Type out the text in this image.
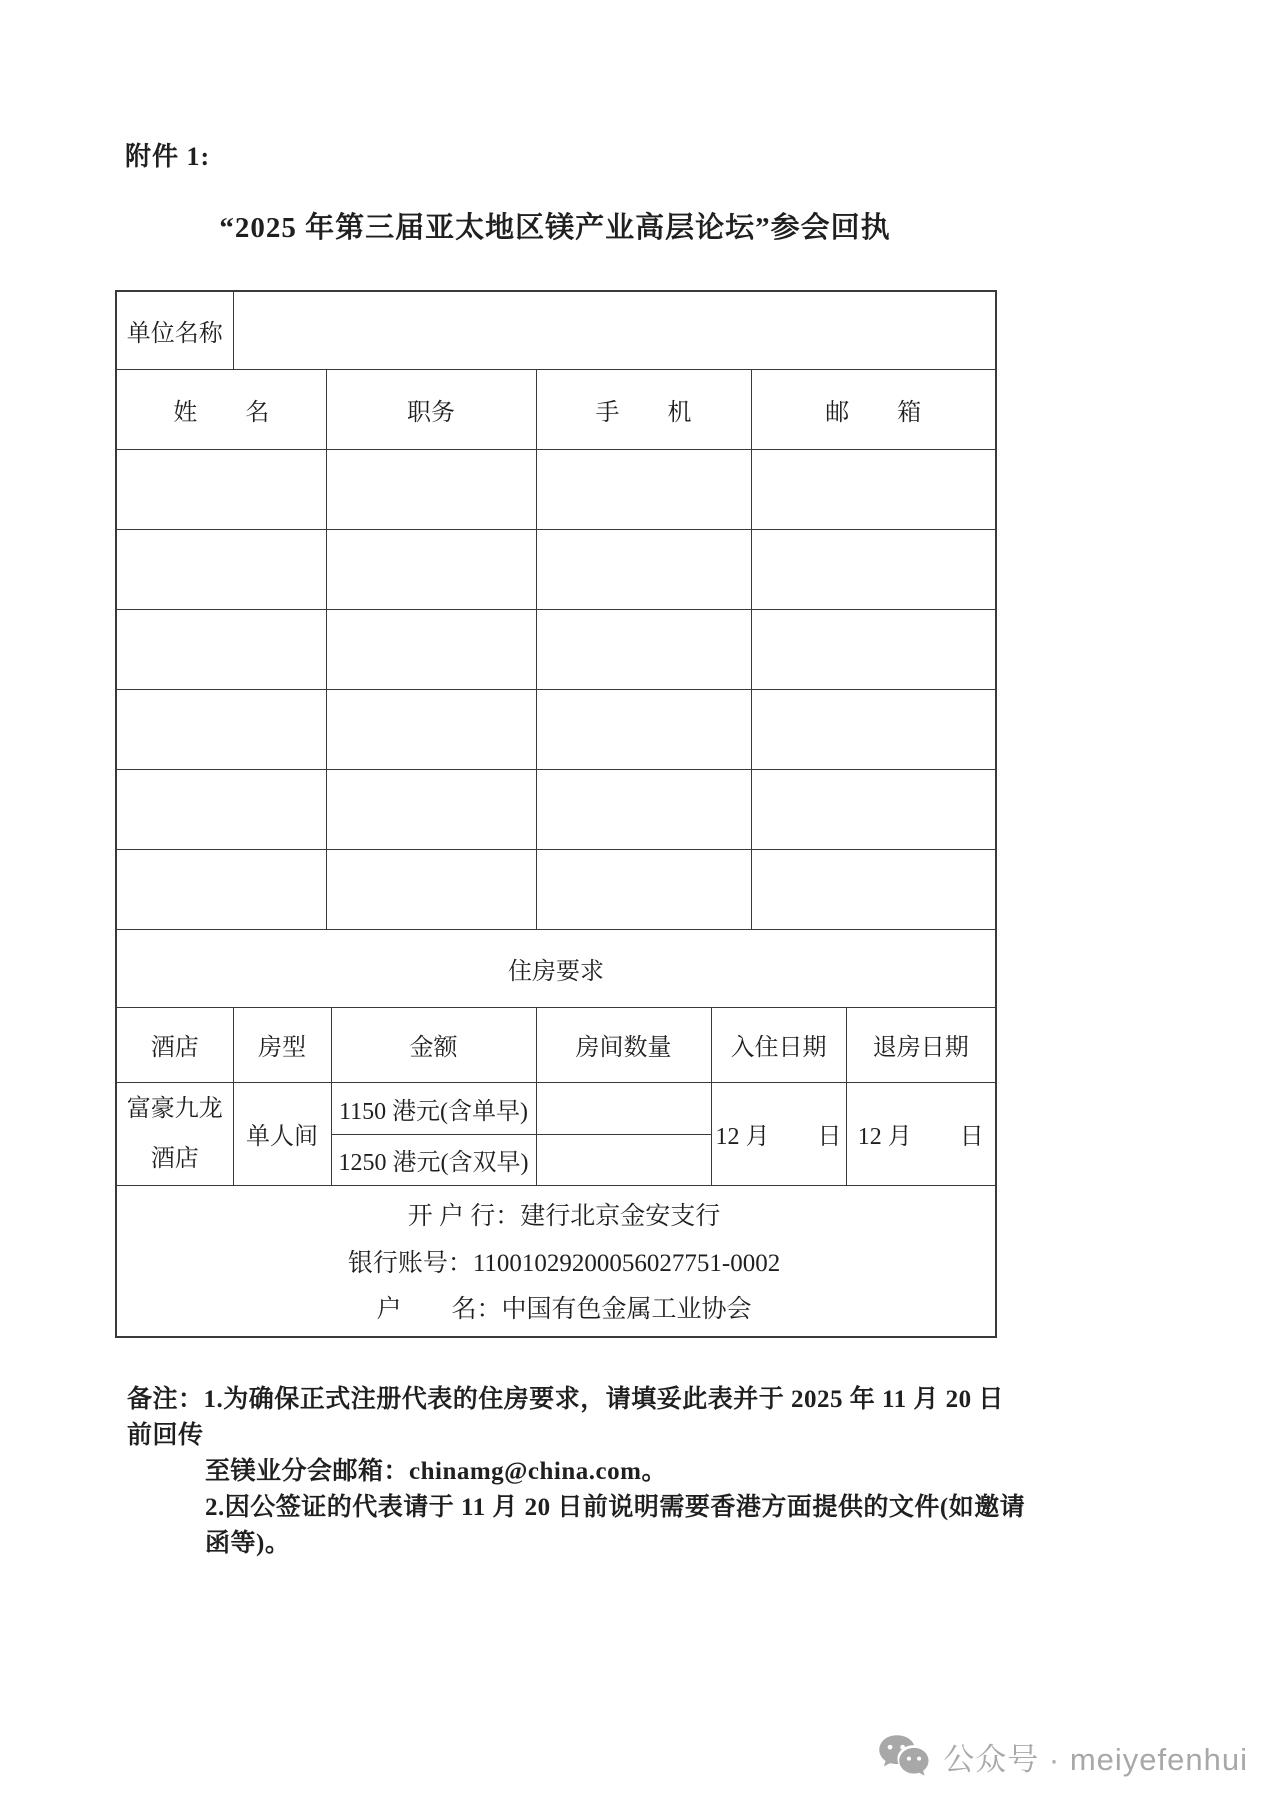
附件 1:
“2025 年第三届亚太地区镁产业高层论坛”参会回执
单位名称							
姓　　名		职务		手　　机		邮　　箱	

住房要求							
酒店	房型		金额	房间数量	入住日期		退房日期

富豪九龙
酒店	单人间		1150 港元(含单早)		12 月　　日		12 月　　日
			1250 港元(含双早)				

开 户 行：建行北京金安支行
银行账号：11001029200056027751-0002
户　　名：中国有色金属工业协会							
备注：1.为确保正式注册代表的住房要求，请填妥此表并于 2025 年 11 月 20 日前回传
至镁业分会邮箱：chinamg@china.com。
2.因公签证的代表请于 11 月 20 日前说明需要香港方面提供的文件(如邀请函等)。
公众号 · meiyefenhui
